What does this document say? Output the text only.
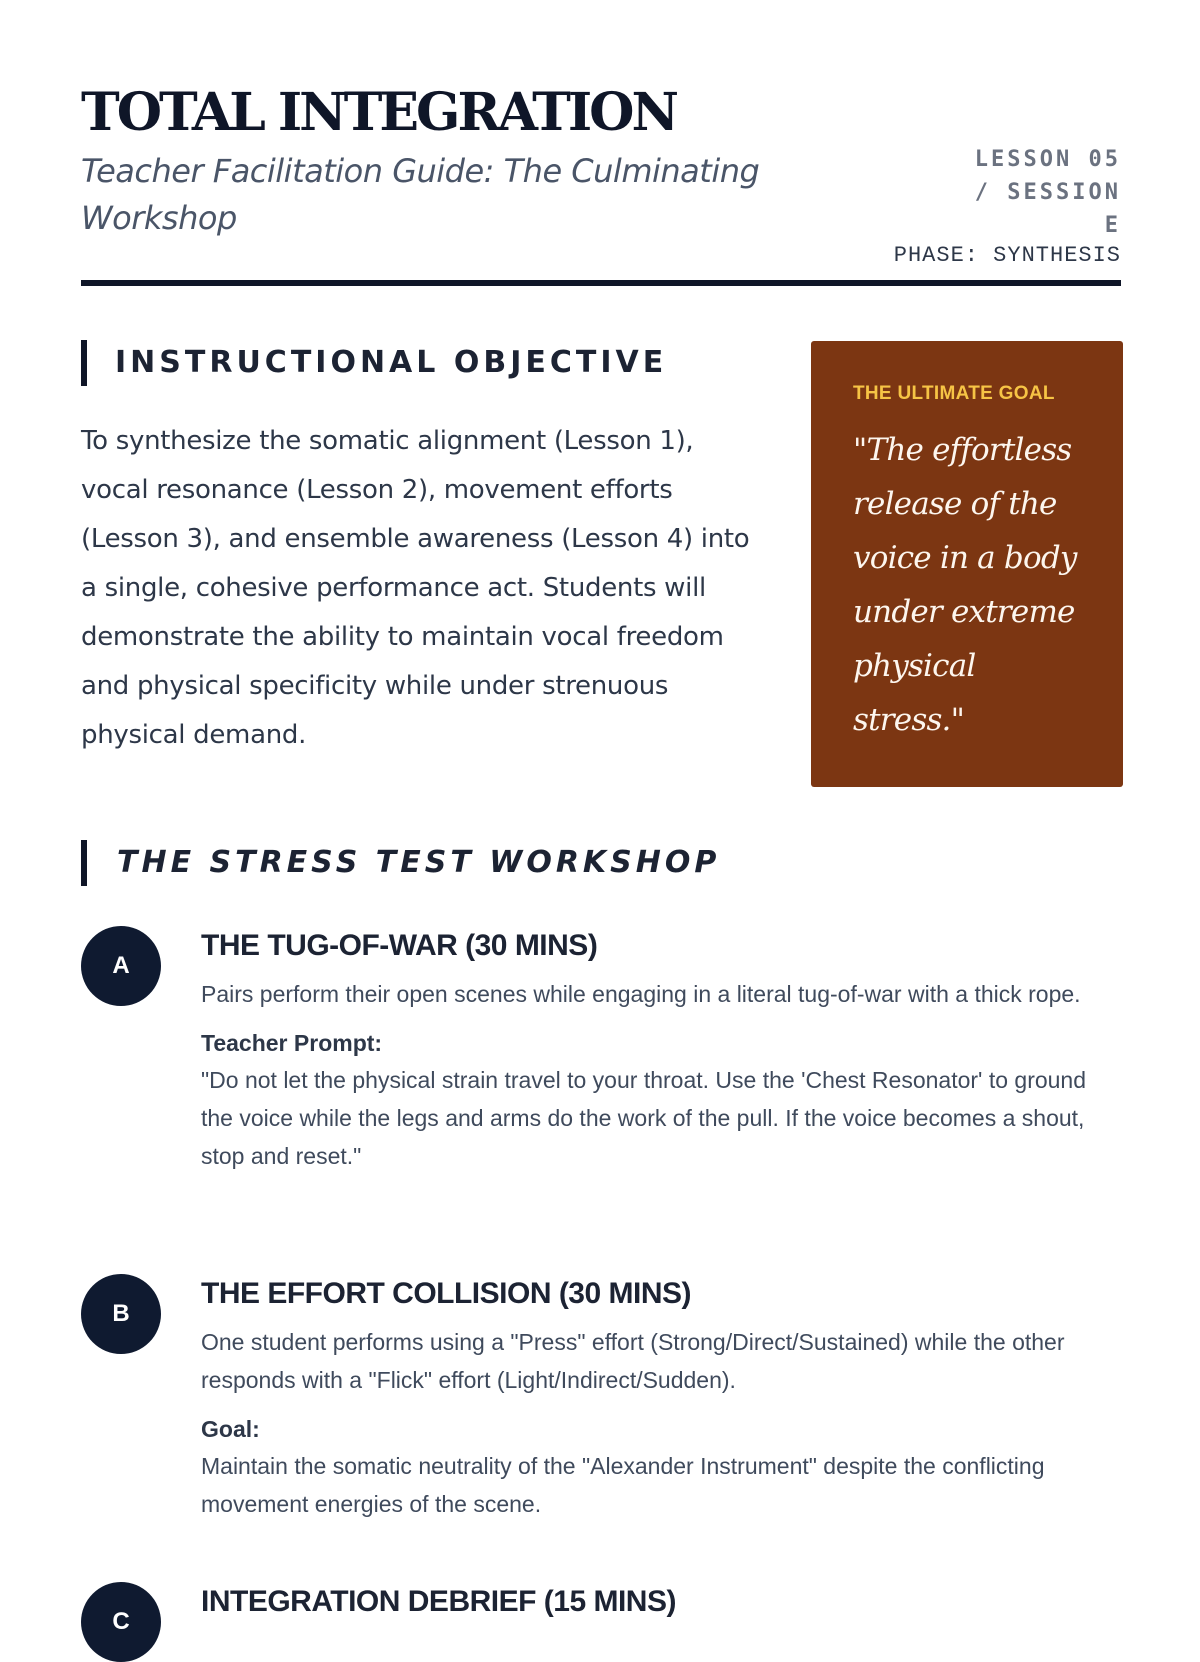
TOTAL INTEGRATION

Teacher Facilitation Guide: The Culminating Workshop

LESSON 05 / SESSION E
PHASE: SYNTHESIS
INSTRUCTIONAL OBJECTIVE

To synthesize the somatic alignment (Lesson 1), vocal resonance (Lesson 2), movement efforts (Lesson 3), and ensemble awareness (Lesson 4) into a single, cohesive performance act. Students will demonstrate the ability to maintain vocal freedom and physical specificity while under strenuous physical demand.

THE ULTIMATE GOAL

"The effortless release of the voice in a body under extreme physical stress."

THE STRESS TEST WORKSHOP
A
THE TUG-OF-WAR (30 MINS)

Pairs perform their open scenes while engaging in a literal tug-of-war with a thick rope.

Teacher Prompt:

"Do not let the physical strain travel to your throat. Use the 'Chest Resonator' to ground the voice while the legs and arms do the work of the pull. If the voice becomes a shout, stop and reset."

B
THE EFFORT COLLISION (30 MINS)

One student performs using a "Press" effort (Strong/Direct/Sustained) while the other responds with a "Flick" effort (Light/Indirect/Sudden).

Goal:

Maintain the somatic neutrality of the "Alexander Instrument" despite the conflicting movement energies of the scene.

C
INTEGRATION DEBRIEF (15 MINS)
